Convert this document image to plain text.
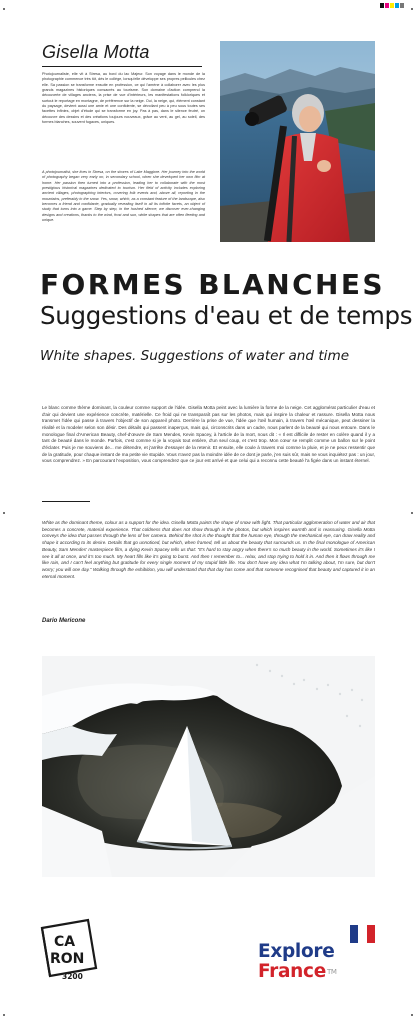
Gisella Motta
Photojournaliste, elle vit à Stresa, au bord du lac Majeur. Son voyage dans le monde de la photographie commence très tôt, dès le collège, lorsqu'elle développe ses propres pellicules chez elle. Sa passion se transforme ensuite en profession, ce qui l'amène à collaborer avec les plus grands magazines historiques consacrés au tourisme. Son domaine d'action comprend la découverte de villages anciens, la prise de vue d'intérieurs, les manifestations folkloriques et surtout le reportage en montagne, de préférence sur la neige. Oui, la neige, qui, élément constant du paysage, devient aussi une amie et une confidente, se dévoilant peu à peu sous toutes ses facettes infinies, objet d'étude qui se transforme en joy. Pas à pas, dans le silence feutré, on découvre des dessins et des créations toujours nouveaux, grâce au vent, au gel, au soleil, des formes blanches, souvent fugaces, uniques.
A photojournalist, she lives in Stresa, on the shores of Lake Maggiore. Her journey into the world of photography began very early on, in secondary school, when she developed her own film at home. Her passion then turned into a profession, leading her to collaborate with the most prestigious historical magazines dedicated to tourism. Her field of activity includes exploring ancient villages, photographing interiors, covering folk events and, above all, reporting in the mountains, preferably in the snow. Yes, snow, which, as a constant feature of the landscape, also becomes a friend and confidante, gradually revealing itself in all its infinite facets, an object of study that turns into a game. Step by step, in the hushed silence, we discover ever-changing designs and creations, thanks to the wind, frost and sun, white shapes that are often fleeting and unique.
FORMES BLANCHES
Suggestions d'eau et de temps
White shapes. Suggestions of water and time
Le blanc comme thème dominant, la couleur comme support de l'idée. Gisella Motta peint avec la lumière la forme de la neige. Cet agglomérat particulier d'eau et d'air qui devient une expérience concrète, matérielle. Ce froid qui ne transparaît pas sur les photos, mais qui inspire la chaleur et rassure. Gisella Motta nous transmet l'idée qui passe à travers l'objectif de son appareil photo. Derrière la prise de vue, l'idée que l'œil humain, à travers l'œil mécanique, peut dessiner la réalité et la modeler selon son désir. Des détails qui passent inaperçus, mais qui, circonscrits dans un cadre, nous parlent de la beauté qui nous entoure. Dans le monologue final d'American Beauty, chef-d'œuvre de Sam Mendes, Kevin Spacey, à l'article de la mort, nous dit : « Il est difficile de rester en colère quand il y a tant de beauté dans le monde. Parfois, c'est comme si je la voyais tout entière, d'un seul coup, et c'est trop. Mon cœur se remplit comme un ballon sur le point d'éclater. Puis je me souviens de... me détendre, et j'arrête d'essayer de la retenir. Et ensuite, elle coule à travers moi comme la pluie, et je ne peux ressentir que de la gratitude, pour chaque instant de ma petite vie stupide. Vous n'avez pas la moindre idée de ce dont je parle, j'en suis sûr, mais ne vous inquiétez pas : un jour, vous comprendrez. » En parcourant l'exposition, vous comprendrez que ce jour est arrivé et que celui qui a reconnu cette beauté l'a figée dans un instant éternel.
White as the dominant theme, colour as a support for the idea. Gisella Motta paints the shape of snow with light. That particular agglomeration of water and air that becomes a concrete, material experience. That coldness that does not show through in the photos, but which inspires warmth and is reassuring. Gisella Motta conveys the idea that passes through the lens of her camera. Behind the shot is the thought that the human eye, through the mechanical eye, can draw reality and shape it according to its desire. Details that go unnoticed, but which, when framed, tell us about the beauty that surrounds us. In the final monologue of American Beauty, Sam Mendes' masterpiece film, a dying Kevin Spacey tells us that: "It's hard to stay angry when there's so much beauty in the world. Sometimes it's like I see it all at once, and it's too much. My heart fills like it's going to burst. And then I remember to... relax, and stop trying to hold it in. And then it flows through me like rain, and I can't feel anything but gratitude for every single moment of my stupid little life. You don't have any idea what I'm talking about, I'm sure, but don't worry; you will one day." Walking through the exhibition, you will understand that that day has come and that someone recognised that beauty and captured it in an eternal moment.
Dario Mericone
CA
RON
3200
Explore
France™
